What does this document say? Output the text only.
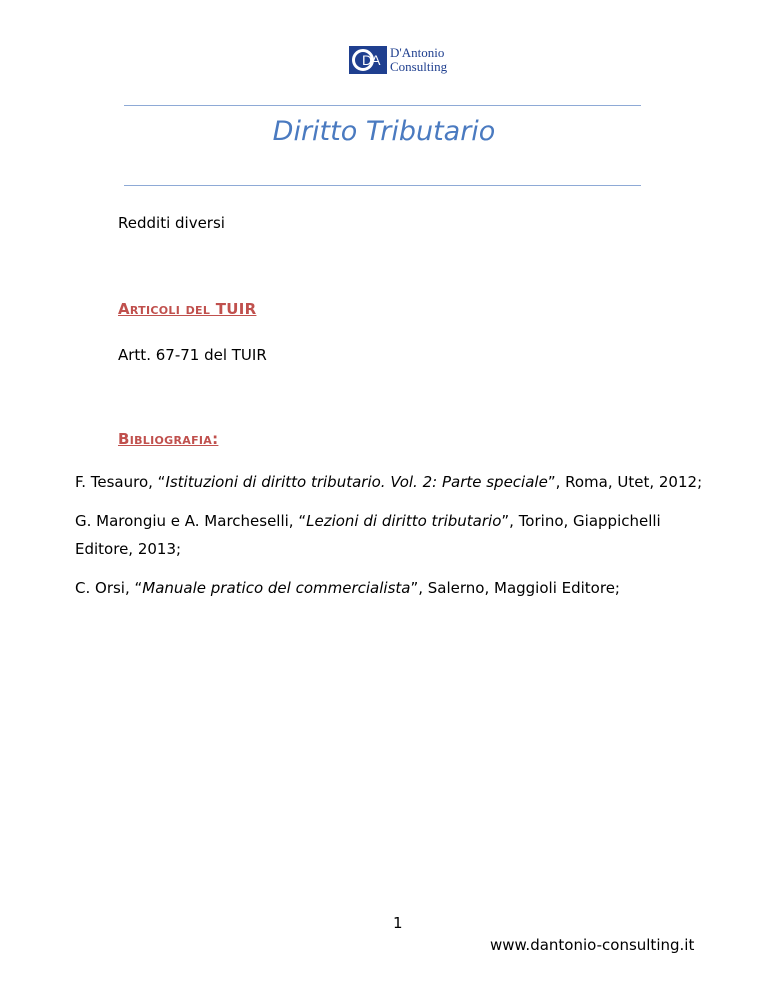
DA D'Antonio
Consulting
Diritto Tributario
Redditi diversi
Articoli del TUIR
Artt. 67-71 del TUIR
Bibliografia:
F. Tesauro, “Istituzioni di diritto tributario. Vol. 2: Parte speciale”, Roma, Utet, 2012;
G. Marongiu e A. Marcheselli, “Lezioni di diritto tributario”, Torino, Giappichelli Editore, 2013;
C. Orsi, “Manuale pratico del commercialista”, Salerno, Maggioli Editore;
1
www.dantonio-consulting.it
